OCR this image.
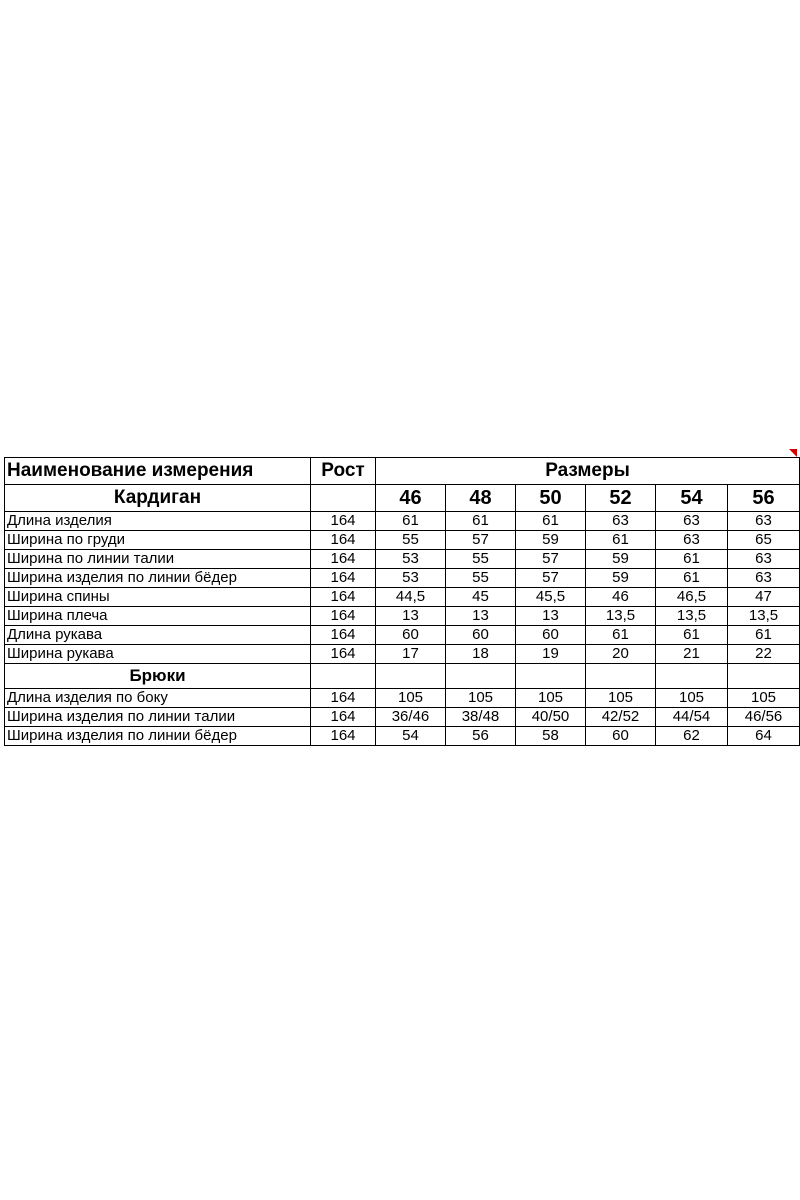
Наименование измерения	Рост	Размеры					
Кардиган		46	48	50	52	54	56
Длина изделия	164	61	61	61	63	63	63
Ширина по груди	164	55	57	59	61	63	65
Ширина по линии талии	164	53	55	57	59	61	63
Ширина изделия по линии бёдер	164	53	55	57	59	61	63
Ширина спины	164	44,5	45	45,5	46	46,5	47
Ширина плеча	164	13	13	13	13,5	13,5	13,5
Длина рукава	164	60	60	60	61	61	61
Ширина рукава	164	17	18	19	20	21	22
Брюки							
Длина изделия по боку	164	105	105	105	105	105	105
Ширина изделия по линии талии	164	36/46	38/48	40/50	42/52	44/54	46/56
Ширина изделия по линии бёдер	164	54	56	58	60	62	64
